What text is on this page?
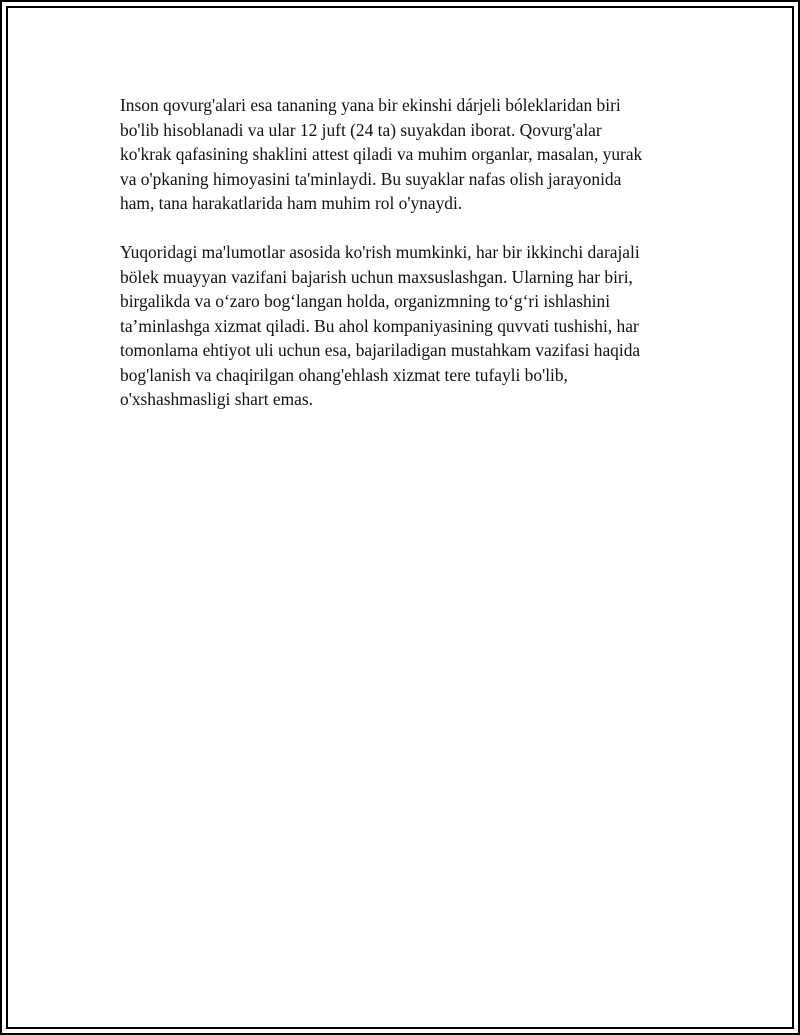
Inson qovurg'alari esa tananing yana bir ekinshi dárjeli bóleklaridan biri
bo'lib hisoblanadi va ular 12 juft (24 ta) suyakdan iborat. Qovurg'alar
ko'krak qafasining shaklini attest qiladi va muhim organlar, masalan, yurak
va o'pkaning himoyasini ta'minlaydi. Bu suyaklar nafas olish jarayonida
ham, tana harakatlarida ham muhim rol o'ynaydi.

Yuqoridagi ma'lumotlar asosida ko'rish mumkinki, har bir ikkinchi darajali
bölek muayyan vazifani bajarish uchun maxsuslashgan. Ularning har biri,
birgalikda va o‘zaro bog‘langan holda, organizmning to‘g‘ri ishlashini
ta’minlashga xizmat qiladi. Bu ahol kompaniyasining quvvati tushishi, har
tomonlama ehtiyot uli uchun esa, bajariladigan mustahkam vazifasi haqida
bog'lanish va chaqirilgan ohang'ehlash xizmat tere tufayli bo'lib,
o'xshashmasligi shart emas.
